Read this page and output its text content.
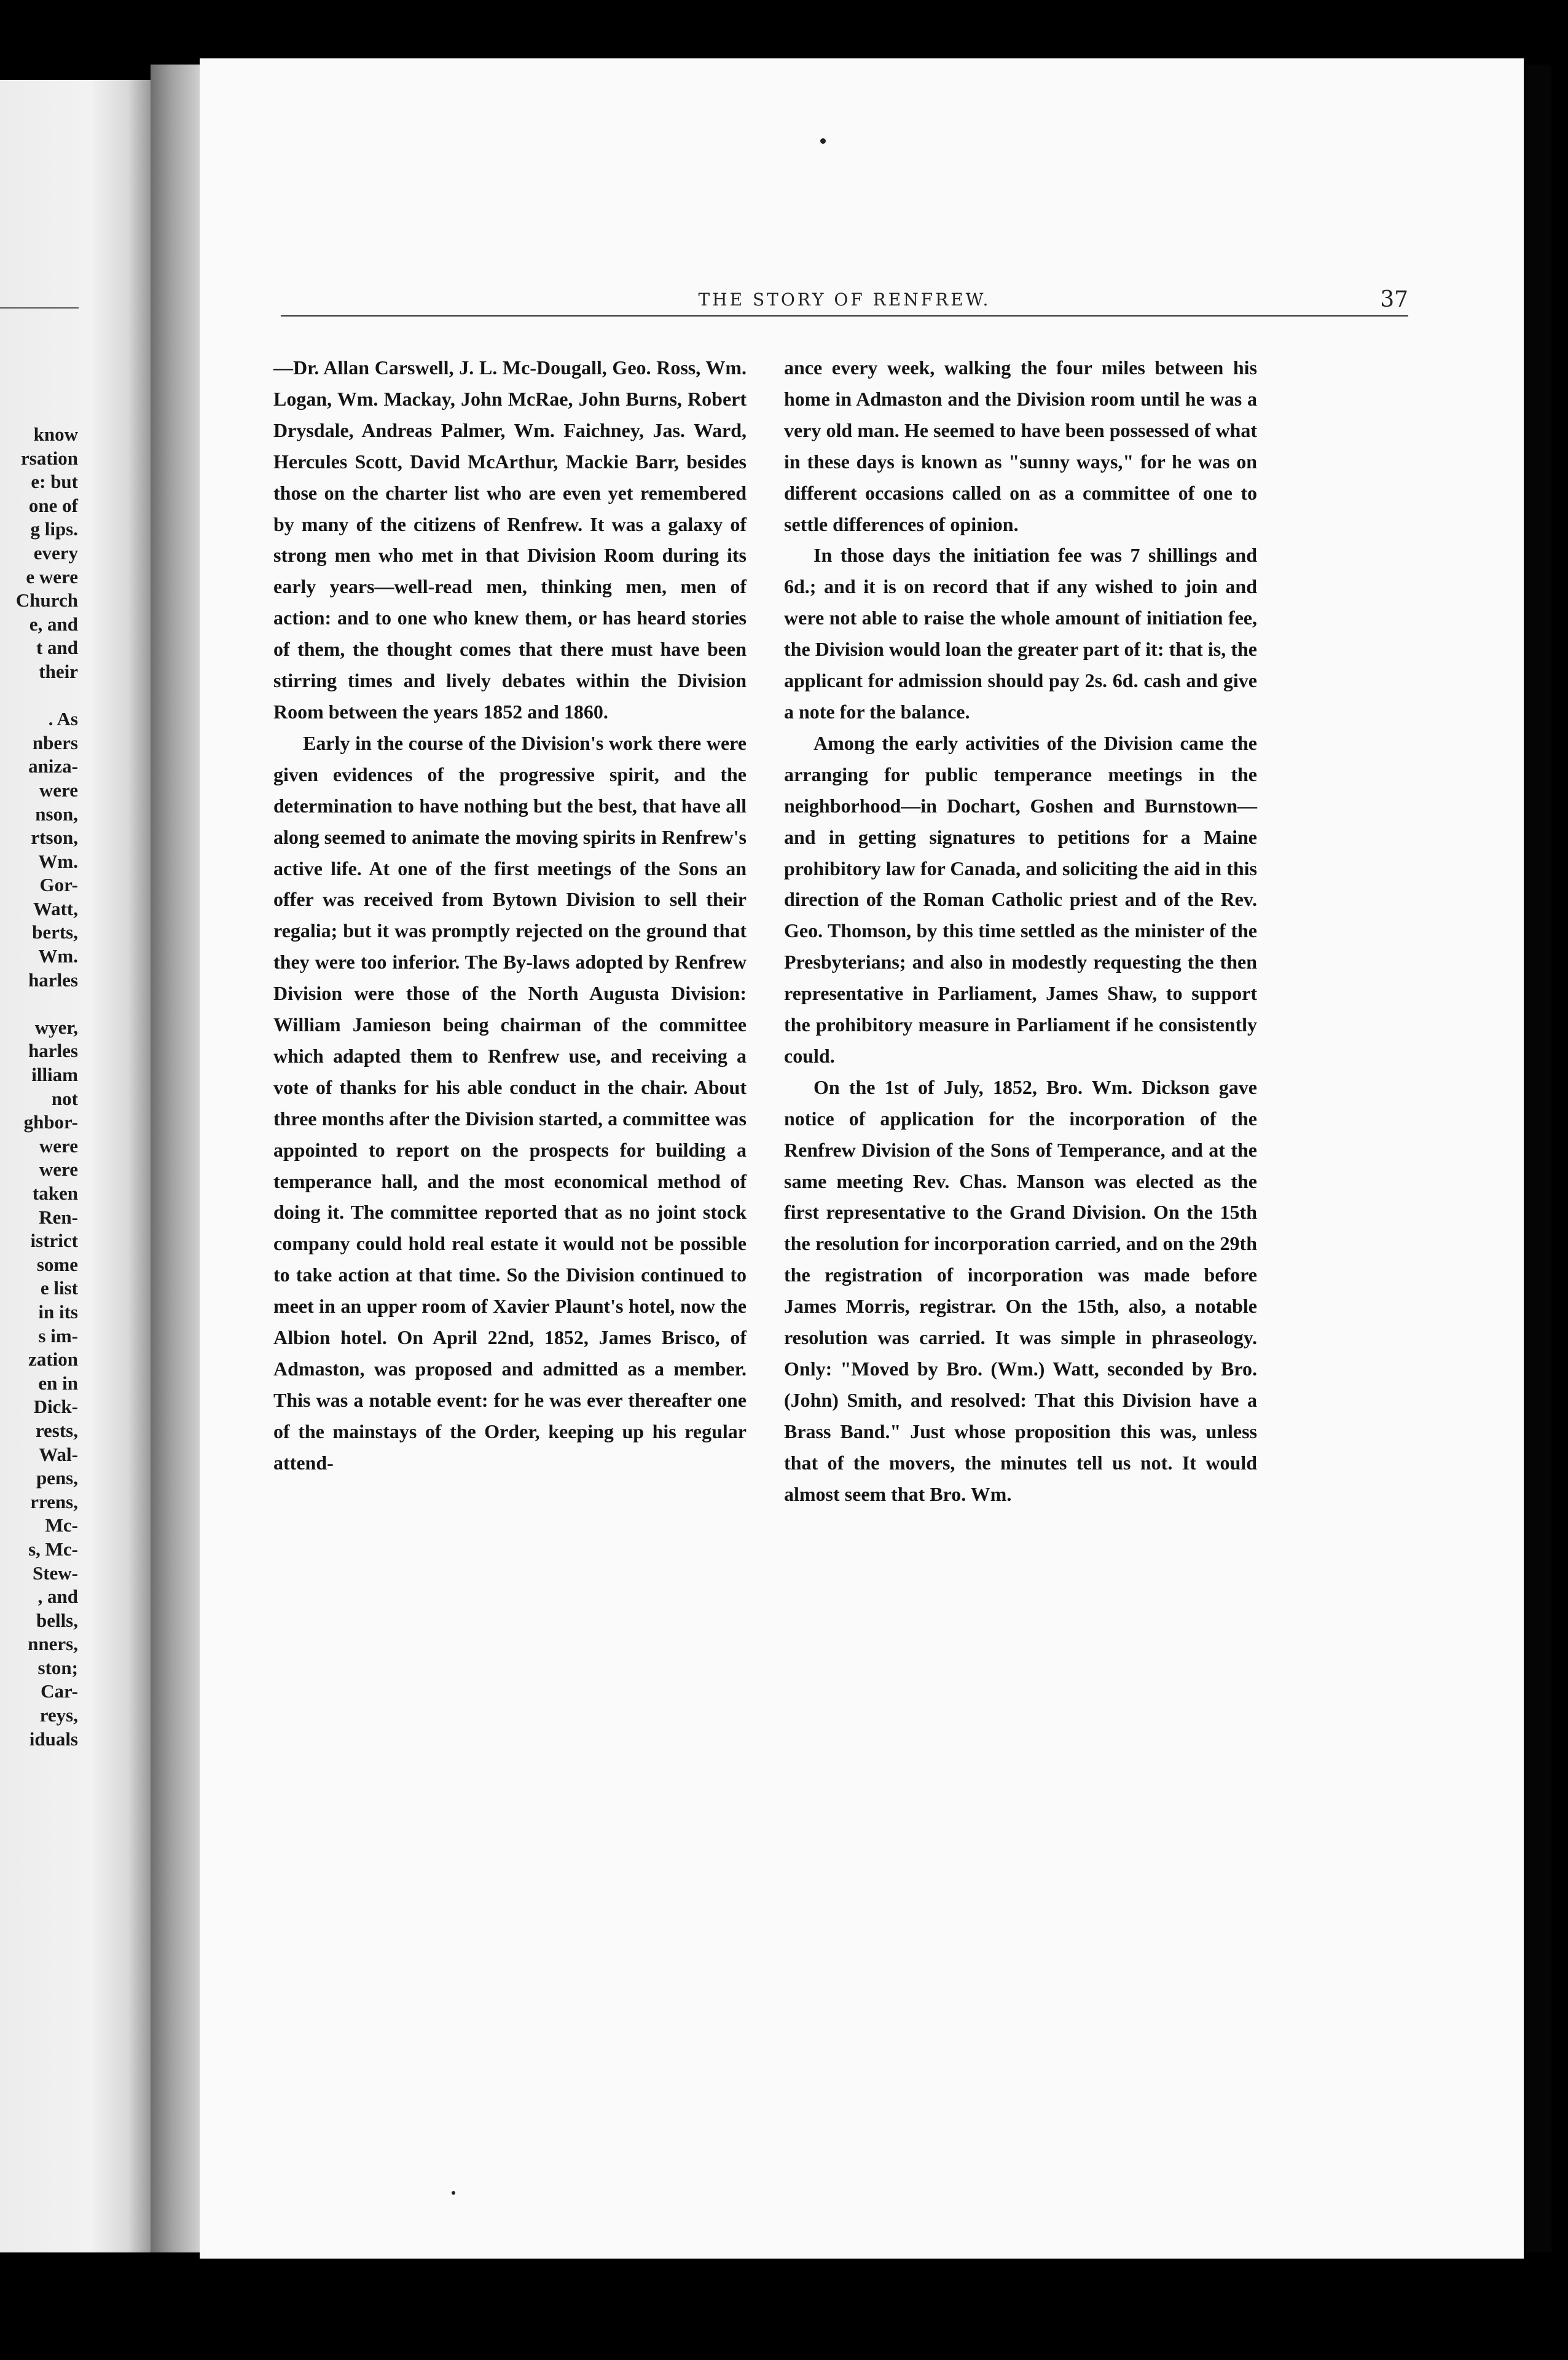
know
rsation
e: but
one of
g lips.
every
e were
Church
e, and
t and
their

. As
nbers
aniza-
were
nson,
rtson,
Wm.
Gor-
Watt,
berts,
Wm.
harles

wyer,
harles
illiam
not
ghbor-
were
were
taken
Ren-
istrict
some
e list
in its
s im-
zation
en in
Dick-
rests,
Wal-
pens,
rrens,
Mc-
s, Mc-
Stew-
, and
bells,
nners,
ston;
Car-
reys,
iduals
THE STORY OF RENFREW.	37

—Dr. Allan Carswell, J. L. Mc-Dougall, Geo. Ross, Wm. Logan, Wm. Mackay, John McRae, John Burns, Robert Drysdale, Andreas Palmer, Wm. Faichney, Jas. Ward, Hercules Scott, David McArthur, Mackie Barr, besides those on the charter list who are even yet remembered by many of the citizens of Renfrew. It was a galaxy of strong men who met in that Division Room during its early years—well-read men, thinking men, men of action: and to one who knew them, or has heard stories of them, the thought comes that there must have been stirring times and lively debates within the Division Room between the years 1852 and 1860.

Early in the course of the Division's work there were given evidences of the progressive spirit, and the determination to have nothing but the best, that have all along seemed to animate the moving spirits in Renfrew's active life. At one of the first meetings of the Sons an offer was received from Bytown Division to sell their regalia; but it was promptly rejected on the ground that they were too inferior. The By-laws adopted by Renfrew Division were those of the North Augusta Division: William Jamieson being chairman of the committee which adapted them to Renfrew use, and receiving a vote of thanks for his able conduct in the chair. About three months after the Division started, a committee was appointed to report on the prospects for building a temperance hall, and the most economical method of doing it. The committee reported that as no joint stock company could hold real estate it would not be possible to take action at that time. So the Division continued to meet in an upper room of Xavier Plaunt's hotel, now the Albion hotel. On April 22nd, 1852, James Brisco, of Admaston, was proposed and admitted as a member. This was a notable event: for he was ever thereafter one of the mainstays of the Order, keeping up his regular attend-

ance every week, walking the four miles between his home in Admaston and the Division room until he was a very old man. He seemed to have been possessed of what in these days is known as "sunny ways," for he was on different occasions called on as a committee of one to settle differences of opinion.

In those days the initiation fee was 7 shillings and 6d.; and it is on record that if any wished to join and were not able to raise the whole amount of initiation fee, the Division would loan the greater part of it: that is, the applicant for admission should pay 2s. 6d. cash and give a note for the balance.

Among the early activities of the Division came the arranging for public temperance meetings in the neighborhood—in Dochart, Goshen and Burnstown—and in getting signatures to petitions for a Maine prohibitory law for Canada, and soliciting the aid in this direction of the Roman Catholic priest and of the Rev. Geo. Thomson, by this time settled as the minister of the Presbyterians; and also in modestly requesting the then representative in Parliament, James Shaw, to support the prohibitory measure in Parliament if he consistently could.

On the 1st of July, 1852, Bro. Wm. Dickson gave notice of application for the incorporation of the Renfrew Division of the Sons of Temperance, and at the same meeting Rev. Chas. Manson was elected as the first representative to the Grand Division. On the 15th the resolution for incorporation carried, and on the 29th the registration of incorporation was made before James Morris, registrar. On the 15th, also, a notable resolution was carried. It was simple in phraseology. Only: "Moved by Bro. (Wm.) Watt, seconded by Bro. (John) Smith, and resolved: That this Division have a Brass Band." Just whose proposition this was, unless that of the movers, the minutes tell us not. It would almost seem that Bro. Wm.
